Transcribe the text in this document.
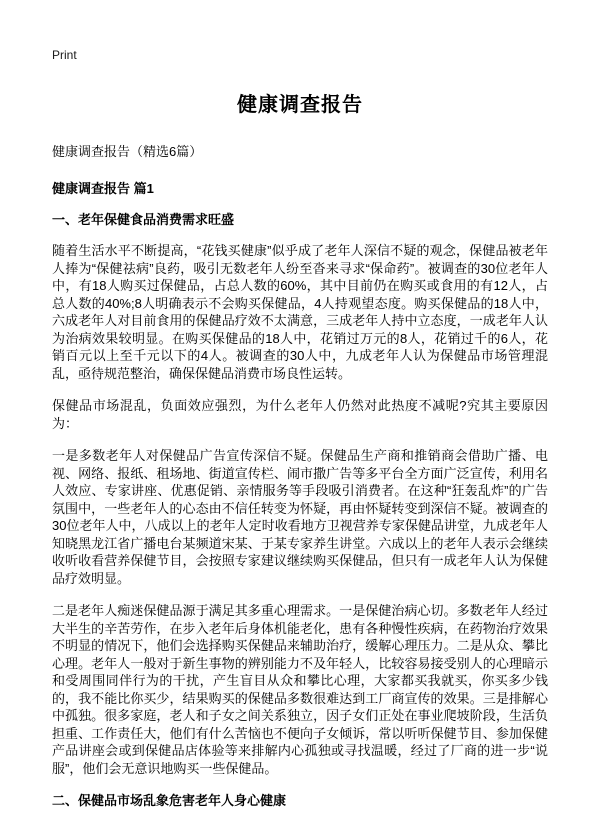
Print
健康调查报告
健康调查报告（精选6篇）
健康调查报告 篇1
一、老年保健食品消费需求旺盛

随着生活水平不断提高，“花钱买健康”似乎成了老年人深信不疑的观念，保健品被老年人捧为“保健祛病”良药，吸引无数老年人纷至沓来寻求“保命药”。被调查的30位老年人中，有18人购买过保健品，占总人数的60%，其中目前仍在购买或食用的有12人，占总人数的40%;8人明确表示不会购买保健品，4人持观望态度。购买保健品的18人中，六成老年人对目前食用的保健品疗效不太满意，三成老年人持中立态度，一成老年人认为治病效果较明显。在购买保健品的18人中，花销过万元的8人，花销过千的6人，花销百元以上至千元以下的4人。被调查的30人中，九成老年人认为保健品市场管理混乱，亟待规范整治，确保保健品消费市场良性运转。

保健品市场混乱，负面效应强烈，为什么老年人仍然对此热度不减呢?究其主要原因为：

一是多数老年人对保健品广告宣传深信不疑。保健品生产商和推销商会借助广播、电视、网络、报纸、租场地、街道宣传栏、闹市撒广告等多平台全方面广泛宣传，利用名人效应、专家讲座、优惠促销、亲情服务等手段吸引消费者。在这种“狂轰乱炸”的广告氛围中，一些老年人的心态由不信任转变为怀疑，再由怀疑转变到深信不疑。被调查的30位老年人中，八成以上的老年人定时收看地方卫视营养专家保健品讲堂，九成老年人知晓黑龙江省广播电台某频道宋某、于某专家养生讲堂。六成以上的老年人表示会继续收听收看营养保健节目，会按照专家建议继续购买保健品，但只有一成老年人认为保健品疗效明显。

二是老年人痴迷保健品源于满足其多重心理需求。一是保健治病心切。多数老年人经过大半生的辛苦劳作，在步入老年后身体机能老化，患有各种慢性疾病，在药物治疗效果不明显的情况下，他们会选择购买保健品来辅助治疗，缓解心理压力。二是从众、攀比心理。老年人一般对于新生事物的辨别能力不及年轻人，比较容易接受别人的心理暗示和受周围同伴行为的干扰，产生盲目从众和攀比心理，大家都买我就买，你买多少钱的，我不能比你买少，结果购买的保健品多数很难达到工厂商宣传的效果。三是排解心中孤独。很多家庭，老人和子女之间关系独立，因子女们正处在事业爬坡阶段，生活负担重、工作责任大，他们有什么苦恼也不便向子女倾诉，常以听听保健节目、参加保健产品讲座会或到保健品店体验等来排解内心孤独或寻找温暖，经过了厂商的进一步“说服”，他们会无意识地购买一些保健品。

二、保健品市场乱象危害老年人身心健康
